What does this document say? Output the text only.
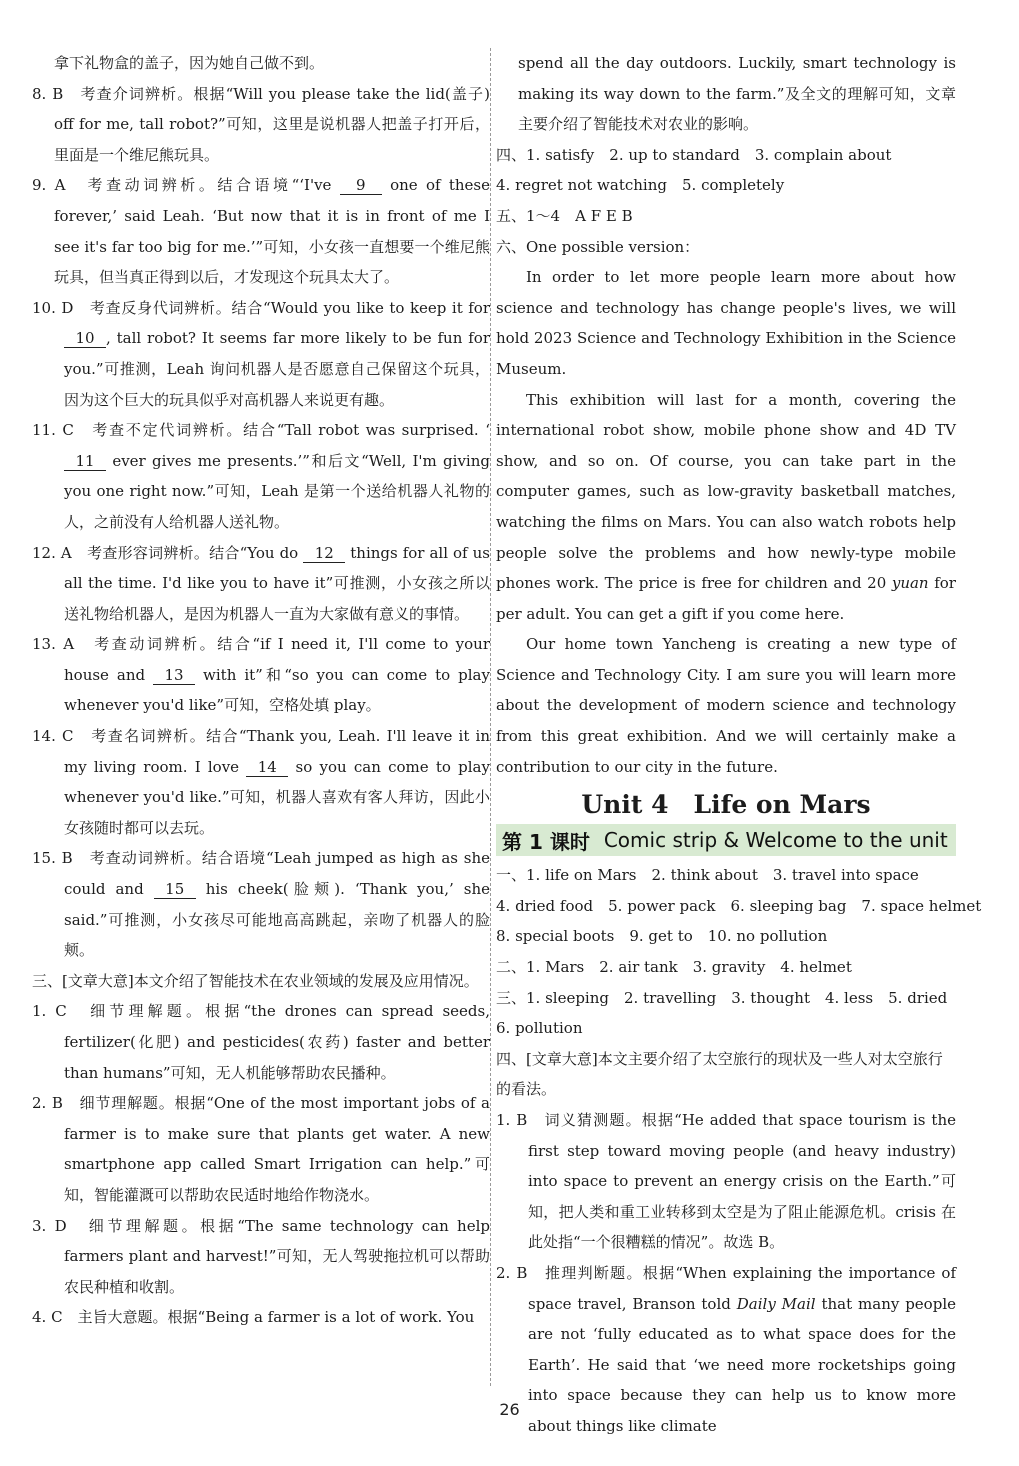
拿下礼物盒的盖子，因为她自己做不到。

8. B　考查介词辨析。根据“Will you please take the lid(盖子) off for me, tall robot?”可知，这里是说机器人把盖子打开后，里面是一个维尼熊玩具。

9. A　考查动词辨析。结合语境“‘I've 9 one of these forever,’ said Leah. ‘But now that it is in front of me I see it's far too big for me.’”可知，小女孩一直想要一个维尼熊玩具，但当真正得到以后，才发现这个玩具太大了。

10. D　考查反身代词辨析。结合“Would you like to keep it for 10 , tall robot? It seems far more likely to be fun for you.”可推测，Leah 询问机器人是否愿意自己保留这个玩具，因为这个巨大的玩具似乎对高机器人来说更有趣。

11. C　考查不定代词辨析。结合“Tall robot was surprised. ‘11 ever gives me presents.’”和后文“Well, I'm giving you one right now.”可知，Leah 是第一个送给机器人礼物的人，之前没有人给机器人送礼物。

12. A　考查形容词辨析。结合“You do 12 things for all of us all the time. I'd like you to have it”可推测，小女孩之所以送礼物给机器人，是因为机器人一直为大家做有意义的事情。

13. A　考查动词辨析。结合“if I need it, I'll come to your house and 13 with it”和“so you can come to play whenever you'd like”可知，空格处填 play。

14. C　考查名词辨析。结合“Thank you, Leah. I'll leave it in my living room. I love 14 so you can come to play whenever you'd like.”可知，机器人喜欢有客人拜访，因此小女孩随时都可以去玩。

15. B　考查动词辨析。结合语境“Leah jumped as high as she could and 15 his cheek(脸颊). ‘Thank you,’ she said.”可推测，小女孩尽可能地高高跳起，亲吻了机器人的脸颊。

三、[文章大意]本文介绍了智能技术在农业领域的发展及应用情况。

1. C　细节理解题。根据“the drones can spread seeds, fertilizer(化肥) and pesticides(农药) faster and better than humans”可知，无人机能够帮助农民播种。

2. B　细节理解题。根据“One of the most important jobs of a farmer is to make sure that plants get water. A new smartphone app called Smart Irrigation can help.”可知，智能灌溉可以帮助农民适时地给作物浇水。

3. D　细节理解题。根据“The same technology can help farmers plant and harvest!”可知，无人驾驶拖拉机可以帮助农民种植和收割。

4. C　主旨大意题。根据“Being a farmer is a lot of work. You

spend all the day outdoors. Luckily, smart technology is making its way down to the farm.”及全文的理解可知，文章主要介绍了智能技术对农业的影响。

四、1. satisfy　2. up to standard　3. complain about

4. regret not watching　5. completely

五、1～4　A F E B

六、One possible version：

In order to let more people learn more about how science and technology has change people's lives, we will hold 2023 Science and Technology Exhibition in the Science Museum.

This exhibition will last for a month, covering the international robot show, mobile phone show and 4D TV show, and so on. Of course, you can take part in the computer games, such as low-gravity basketball matches, watching the films on Mars. You can also watch robots help people solve the problems and how newly-type mobile phones work. The price is free for children and 20 yuan for per adult. You can get a gift if you come here.

Our home town Yancheng is creating a new type of Science and Technology City. I am sure you will learn more about the development of modern science and technology from this great exhibition. And we will certainly make a contribution to our city in the future.

Unit 4　Life on Mars
第 1 课时 Comic strip & Welcome to the unit

一、1. life on Mars　2. think about　3. travel into space

4. dried food　5. power pack　6. sleeping bag　7. space helmet

8. special boots　9. get to　10. no pollution

二、1. Mars　2. air tank　3. gravity　4. helmet

三、1. sleeping　2. travelling　3. thought　4. less　5. dried

6. pollution

四、[文章大意]本文主要介绍了太空旅行的现状及一些人对太空旅行的看法。

1. B　词义猜测题。根据“He added that space tourism is the first step toward moving people (and heavy industry) into space to prevent an energy crisis on the Earth.”可知，把人类和重工业转移到太空是为了阻止能源危机。crisis 在此处指“一个很糟糕的情况”。故选 B。

2. B　推理判断题。根据“When explaining the importance of space travel, Branson told Daily Mail that many people are not ‘fully educated as to what space does for the Earth’. He said that ‘we need more rocketships going into space because they can help us to know more about things like climate

26
